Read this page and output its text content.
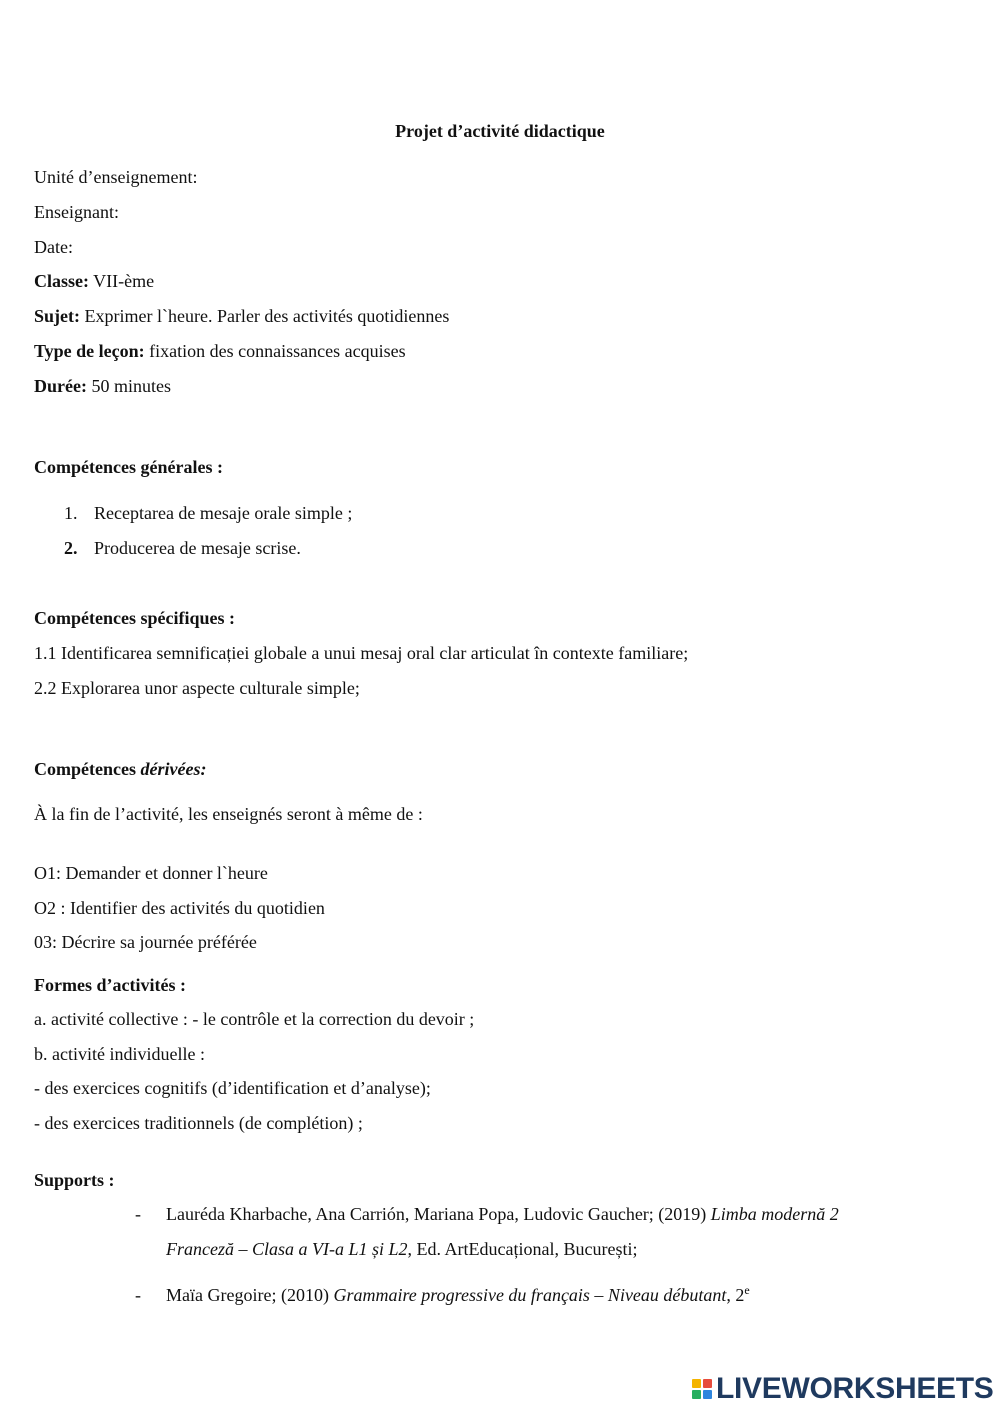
Projet d’activité didactique
Unité d’enseignement:
Enseignant:
Date:
Classe: VII-ème
Sujet: Exprimer l`heure. Parler des activités quotidiennes
Type de leçon: fixation des connaissances acquises
Durée: 50 minutes
Compétences générales :
1. Receptarea de mesaje orale simple ;
2. Producerea de mesaje scrise.
Compétences spécifiques :
1.1 Identificarea semnificației globale a unui mesaj oral clar articulat în contexte familiare;
2.2 Explorarea unor aspecte culturale simple;
Compétences dérivées:
À la fin de l’activité, les enseignés seront à même de :
O1: Demander et donner l`heure
O2 : Identifier des activités du quotidien
03: Décrire sa journée préférée
Formes d’activités :
a. activité collective : - le contrôle et la correction du devoir ;
b. activité individuelle :
- des exercices cognitifs (d’identification et d’analyse);
- des exercices traditionnels (de complétion) ;
Supports :
- Lauréda Kharbache, Ana Carrión, Mariana Popa, Ludovic Gaucher; (2019) Limba modernă 2
Franceză – Clasa a VI-a L1 și L2, Ed. ArtEducațional, București;
- Maïa Gregoire; (2010) Grammaire progressive du français – Niveau débutant, 2e
LIVEWORKSHEETS
